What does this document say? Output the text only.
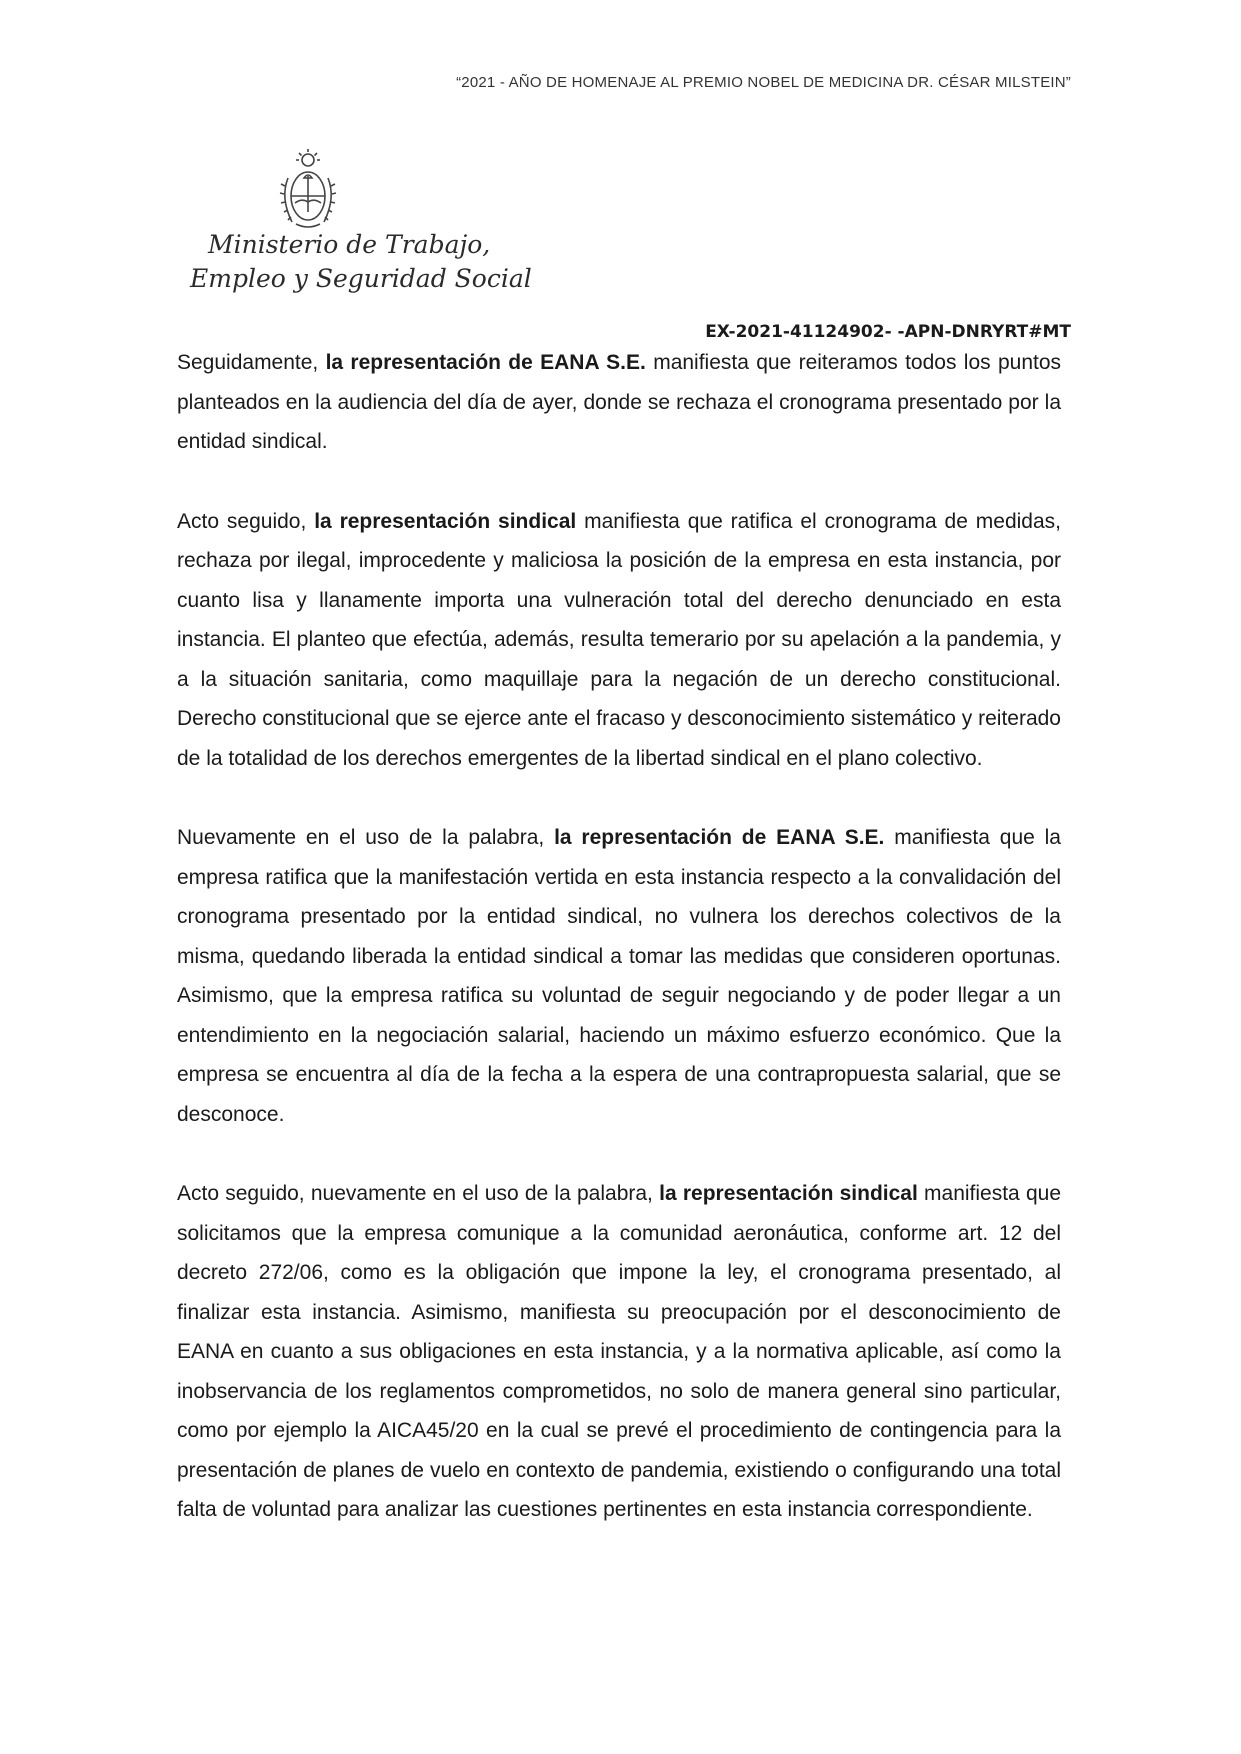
“2021 - AÑO DE HOMENAJE AL PREMIO NOBEL DE MEDICINA DR. CÉSAR MILSTEIN”
Ministerio de Trabajo,
Empleo y Seguridad Social
EX-2021-41124902- -APN-DNRYRT#MT

Seguidamente, la representación de EANA S.E. manifiesta que reiteramos todos los puntos planteados en la audiencia del día de ayer, donde se rechaza el cronograma presentado por la entidad sindical.

Acto seguido, la representación sindical manifiesta que ratifica el cronograma de medidas, rechaza por ilegal, improcedente y maliciosa la posición de la empresa en esta instancia, por cuanto lisa y llanamente importa una vulneración total del derecho denunciado en esta instancia. El planteo que efectúa, además, resulta temerario por su apelación a la pandemia, y a la situación sanitaria, como maquillaje para la negación de un derecho constitucional. Derecho constitucional que se ejerce ante el fracaso y desconocimiento sistemático y reiterado de la totalidad de los derechos emergentes de la libertad sindical en el plano colectivo.

Nuevamente en el uso de la palabra, la representación de EANA S.E. manifiesta que la empresa ratifica que la manifestación vertida en esta instancia respecto a la convalidación del cronograma presentado por la entidad sindical, no vulnera los derechos colectivos de la misma, quedando liberada la entidad sindical a tomar las medidas que consideren oportunas. Asimismo, que la empresa ratifica su voluntad de seguir negociando y de poder llegar a un entendimiento en la negociación salarial, haciendo un máximo esfuerzo económico. Que la empresa se encuentra al día de la fecha a la espera de una contrapropuesta salarial, que se desconoce.

Acto seguido, nuevamente en el uso de la palabra, la representación sindical manifiesta que solicitamos que la empresa comunique a la comunidad aeronáutica, conforme art. 12 del decreto 272/06, como es la obligación que impone la ley, el cronograma presentado, al finalizar esta instancia. Asimismo, manifiesta su preocupación por el desconocimiento de EANA en cuanto a sus obligaciones en esta instancia, y a la normativa aplicable, así como la inobservancia de los reglamentos comprometidos, no solo de manera general sino particular, como por ejemplo la AICA45/20 en la cual se prevé el procedimiento de contingencia para la presentación de planes de vuelo en contexto de pandemia, existiendo o configurando una total falta de voluntad para analizar las cuestiones pertinentes en esta instancia correspondiente.
